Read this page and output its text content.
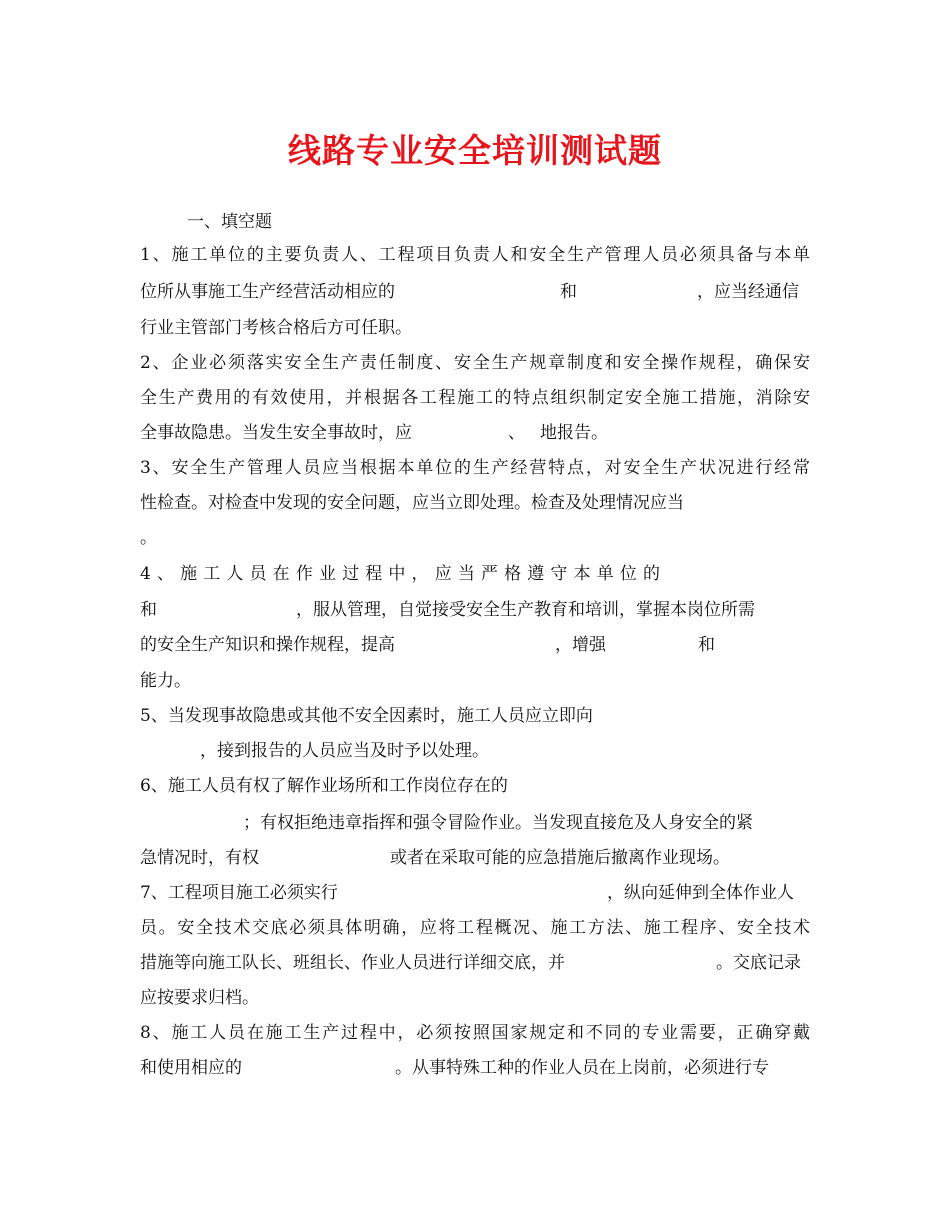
线路专业安全培训测试题
一、填空题
1、施工单位的主要负责人、工程项目负责人和安全生产管理人员必须具备与本单
位所从事施工生产经营活动相应的	和	，应当经通信
行业主管部门考核合格后方可任职。
2、企业必须落实安全生产责任制度、安全生产规章制度和安全操作规程，确保安
全生产费用的有效使用，并根据各工程施工的特点组织制定安全施工措施，消除安
全事故隐患。当发生安全事故时，应	、 地报告。
3、安全生产管理人员应当根据本单位的生产经营特点，对安全生产状况进行经常
性检查。对检查中发现的安全问题，应当立即处理。检查及处理情况应当
。
4、施工人员在作业过程中，应当严格遵守本单位的
和	，服从管理，自觉接受安全生产教育和培训，掌握本岗位所需
的安全生产知识和操作规程，提高	，增强	和
能力。
5、当发现事故隐患或其他不安全因素时，施工人员应立即向
，接到报告的人员应当及时予以处理。
6、施工人员有权了解作业场所和工作岗位存在的
；有权拒绝违章指挥和强令冒险作业。当发现直接危及人身安全的紧
急情况时，有权	或者在采取可能的应急措施后撤离作业现场。
7、工程项目施工必须实行	，纵向延伸到全体作业人
员。安全技术交底必须具体明确，应将工程概况、施工方法、施工程序、安全技术
措施等向施工队长、班组长、作业人员进行详细交底，并	。交底记录
应按要求归档。
8、施工人员在施工生产过程中，必须按照国家规定和不同的专业需要，正确穿戴
和使用相应的	。从事特殊工种的作业人员在上岗前，必须进行专
